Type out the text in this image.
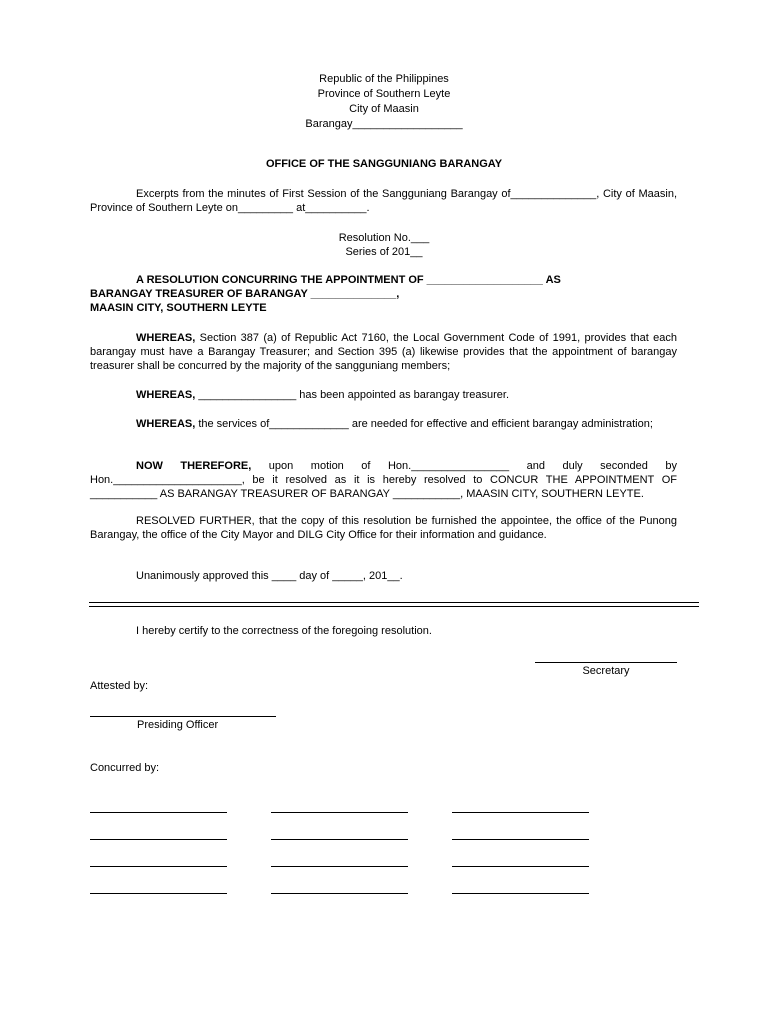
Republic of the Philippines
Province of Southern Leyte
City of Maasin
Barangay__________________
OFFICE OF THE SANGGUNIANG BARANGAY
Excerpts from the minutes of First Session of the Sangguniang Barangay of______________, City of Maasin, Province of Southern Leyte on_________ at__________.
Resolution No.___
Series of 201__
A RESOLUTION CONCURRING THE APPOINTMENT OF ___________________ AS
BARANGAY TREASURER OF BARANGAY ______________,
MAASIN CITY, SOUTHERN LEYTE
WHEREAS, Section 387 (a) of Republic Act 7160, the Local Government Code of 1991, provides that each barangay must have a Barangay Treasurer; and Section 395 (a) likewise provides that the appointment of barangay treasurer shall be concurred by the majority of the sangguniang members;
WHEREAS, ________________ has been appointed as barangay treasurer.
WHEREAS, the services of_____________ are needed for effective and efficient barangay administration;
NOW THEREFORE, upon motion of Hon.________________ and duly seconded by Hon._____________________, be it resolved as it is hereby resolved to CONCUR THE APPOINTMENT OF ___________ AS BARANGAY TREASURER OF BARANGAY ___________, MAASIN CITY, SOUTHERN LEYTE.
RESOLVED FURTHER, that the copy of this resolution be furnished the appointee, the office of the Punong Barangay, the office of the City Mayor and DILG City Office for their information and guidance.
Unanimously approved this ____ day of _____, 201__.
I hereby certify to the correctness of the foregoing resolution.
Secretary
Attested by:
Presiding Officer
Concurred by:
